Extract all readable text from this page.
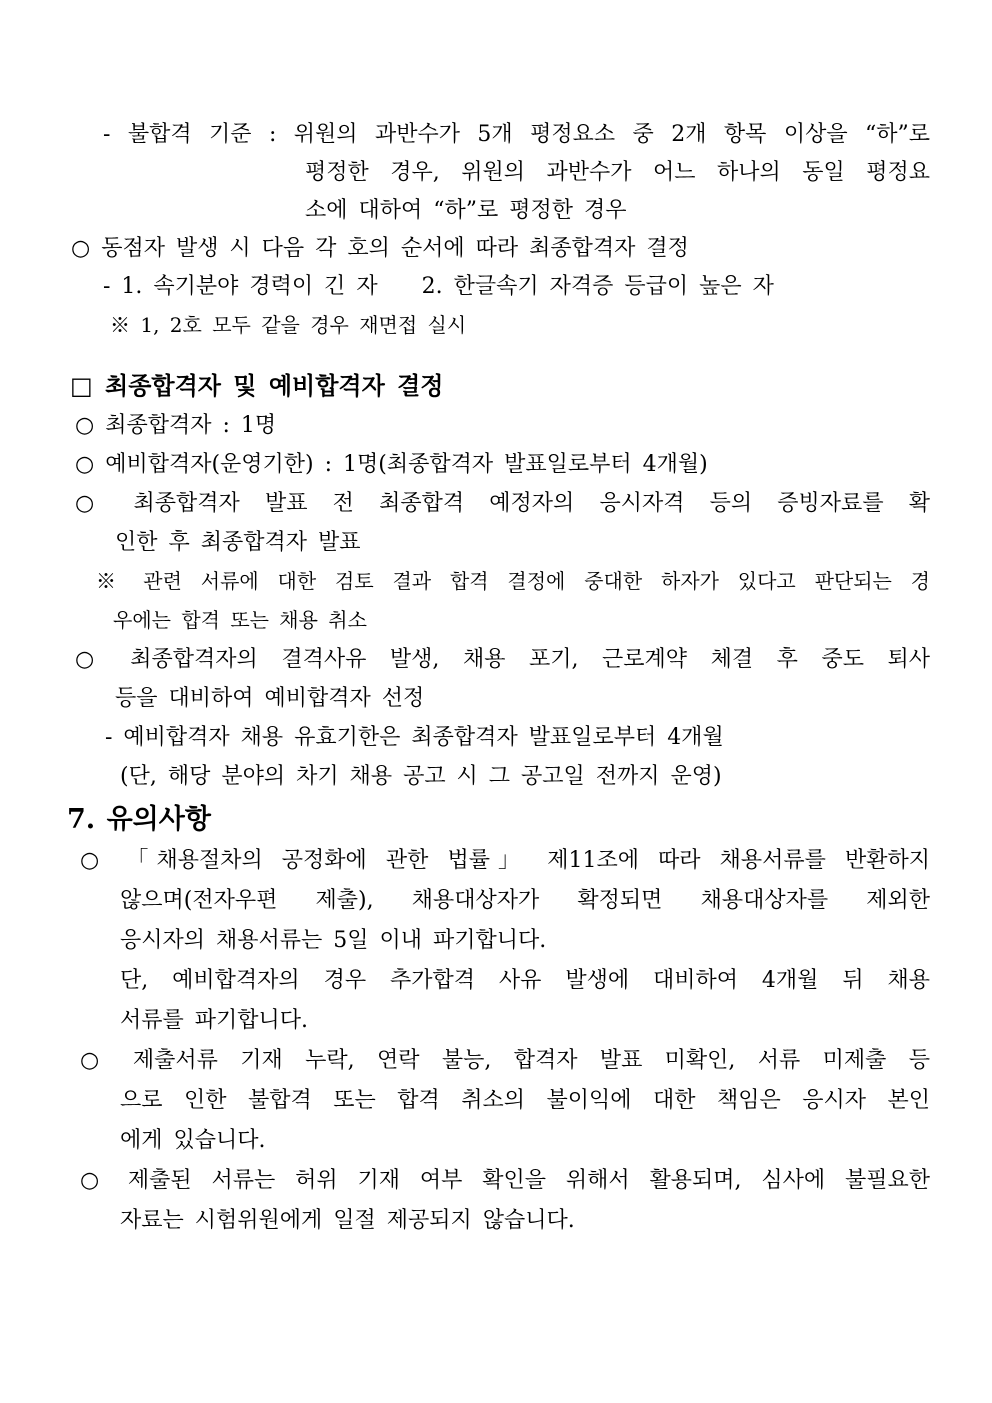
- 불합격 기준 : 위원의 과반수가 5개 평정요소 중 2개 항목 이상을 “하”로
평정한 경우, 위원의 과반수가 어느 하나의 동일 평정요
소에 대하여 “하”로 평정한 경우
○ 동점자 발생 시 다음 각 호의 순서에 따라 최종합격자 결정
- 1. 속기분야 경력이 긴 자  2. 한글속기 자격증 등급이 높은 자
※ 1, 2호 모두 같을 경우 재면접 실시
□ 최종합격자 및 예비합격자 결정
○ 최종합격자 : 1명
○ 예비합격자(운영기한) : 1명(최종합격자 발표일로부터 4개월)
○ 최종합격자 발표 전 최종합격 예정자의 응시자격 등의 증빙자료를 확
인한 후 최종합격자 발표
※ 관련 서류에 대한 검토 결과 합격 결정에 중대한 하자가 있다고 판단되는 경
우에는 합격 또는 채용 취소
○ 최종합격자의 결격사유 발생, 채용 포기, 근로계약 체결 후 중도 퇴사
등을 대비하여 예비합격자 선정
- 예비합격자 채용 유효기한은 최종합격자 발표일로부터 4개월
(단, 해당 분야의 차기 채용 공고 시 그 공고일 전까지 운영)
7. 유의사항
○ 「채용절차의 공정화에 관한 법률」 제11조에 따라 채용서류를 반환하지
않으며(전자우편 제출), 채용대상자가 확정되면 채용대상자를 제외한
응시자의 채용서류는 5일 이내 파기합니다.
단, 예비합격자의 경우 추가합격 사유 발생에 대비하여 4개월 뒤 채용
서류를 파기합니다.
○ 제출서류 기재 누락, 연락 불능, 합격자 발표 미확인, 서류 미제출 등
으로 인한 불합격 또는 합격 취소의 불이익에 대한 책임은 응시자 본인
에게 있습니다.
○ 제출된 서류는 허위 기재 여부 확인을 위해서 활용되며, 심사에 불필요한
자료는 시험위원에게 일절 제공되지 않습니다.
